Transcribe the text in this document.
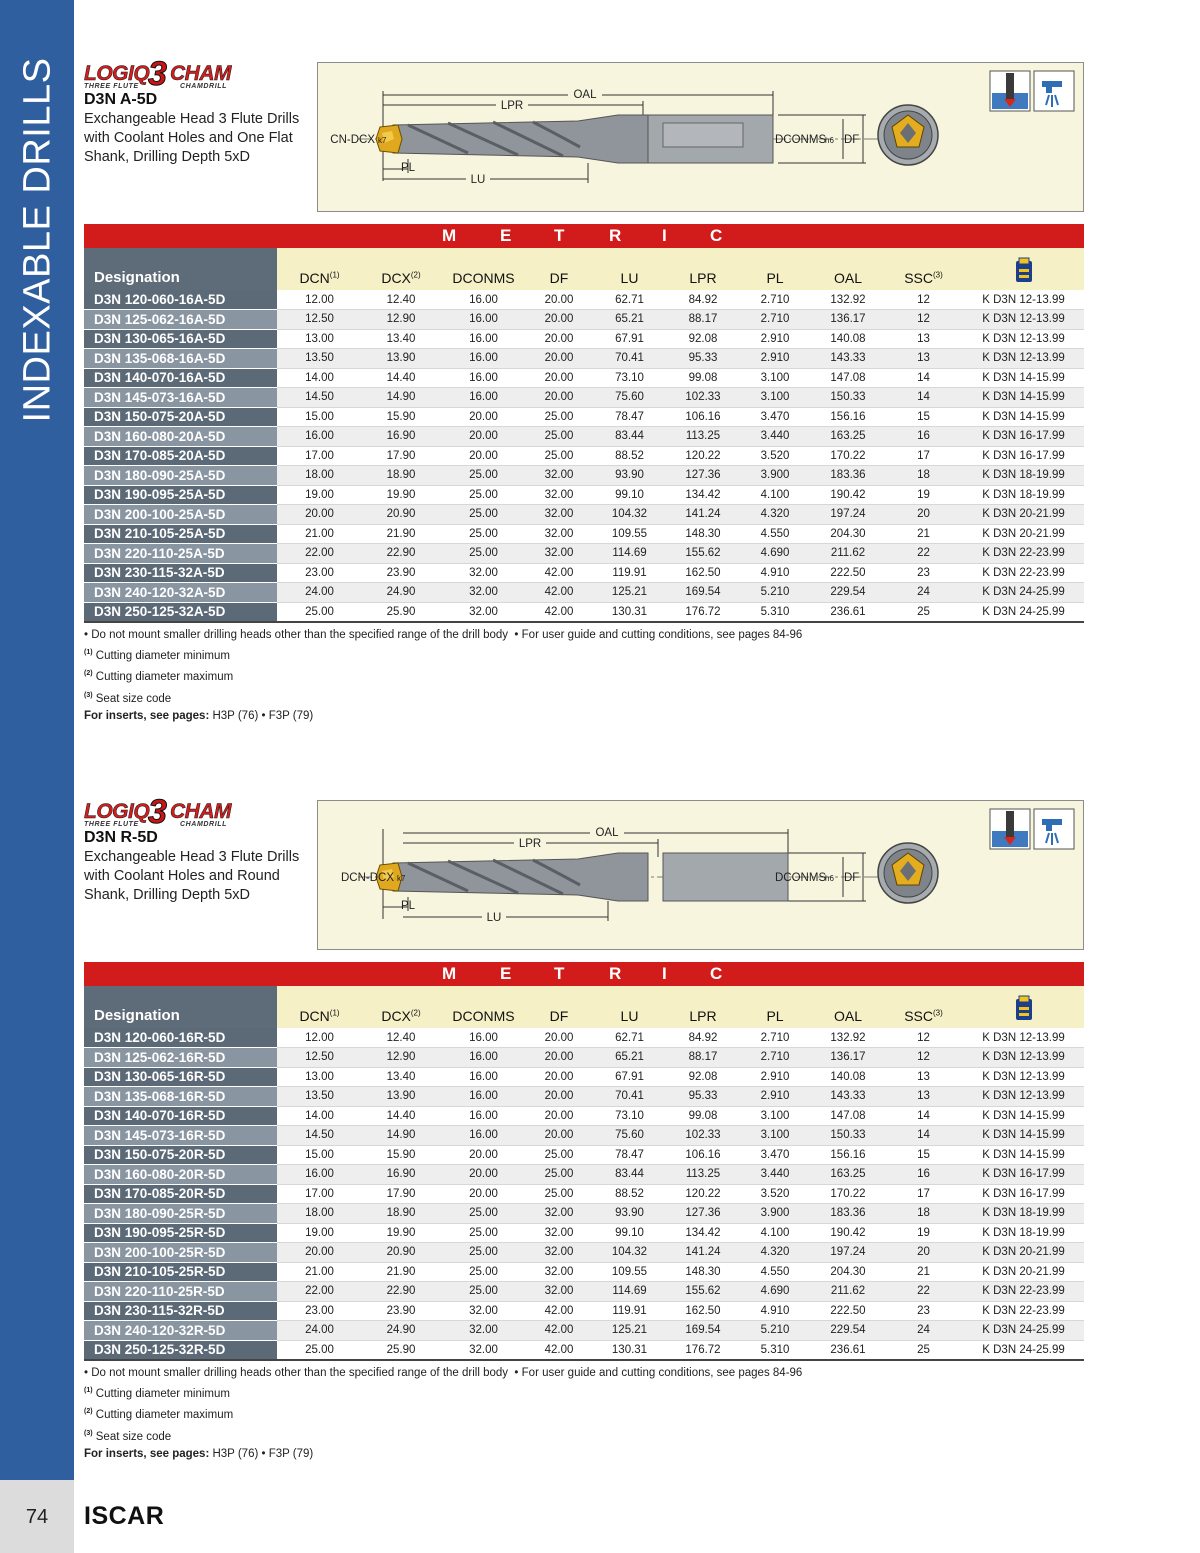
INDEXABLE DRILLS
74	ISCAR
LOGIQ
3 CHAM
THREE FLUTE	CHAMDRILL
D3N A-5D
Exchangeable Head 3 Flute Drills with Coolant Holes and One Flat Shank, Drilling Depth 5xD
OAL
LPR
CN-DCX k7
PL
LU
DCONMS
h6 DF
M	E	T	R I	C
Designation	DCN$^{(1)}$	DCX$^{(2)}$	DCONMS	DF	LU	LPR	PL	OAL	SSC$^{(3)}$	
D3N 120-060-16A-5D	12.00	12.40	16.00	20.00	62.71	84.92	2.710	132.92	12	K D3N 12-13.99
D3N 125-062-16A-5D	12.50	12.90	16.00	20.00	65.21	88.17	2.710	136.17	12	K D3N 12-13.99
D3N 130-065-16A-5D	13.00	13.40	16.00	20.00	67.91	92.08	2.910	140.08	13	K D3N 12-13.99
D3N 135-068-16A-5D	13.50	13.90	16.00	20.00	70.41	95.33	2.910	143.33	13	K D3N 12-13.99
D3N 140-070-16A-5D	14.00	14.40	16.00	20.00	73.10	99.08	3.100	147.08	14	K D3N 14-15.99
D3N 145-073-16A-5D	14.50	14.90	16.00	20.00	75.60	102.33	3.100	150.33	14	K D3N 14-15.99
D3N 150-075-20A-5D	15.00	15.90	20.00	25.00	78.47	106.16	3.470	156.16	15	K D3N 14-15.99
D3N 160-080-20A-5D	16.00	16.90	20.00	25.00	83.44	113.25	3.440	163.25	16	K D3N 16-17.99
D3N 170-085-20A-5D	17.00	17.90	20.00	25.00	88.52	120.22	3.520	170.22	17	K D3N 16-17.99
D3N 180-090-25A-5D	18.00	18.90	25.00	32.00	93.90	127.36	3.900	183.36	18	K D3N 18-19.99
D3N 190-095-25A-5D	19.00	19.90	25.00	32.00	99.10	134.42	4.100	190.42	19	K D3N 18-19.99
D3N 200-100-25A-5D	20.00	20.90	25.00	32.00	104.32	141.24	4.320	197.24	20	K D3N 20-21.99
D3N 210-105-25A-5D	21.00	21.90	25.00	32.00	109.55	148.30	4.550	204.30	21	K D3N 20-21.99
D3N 220-110-25A-5D	22.00	22.90	25.00	32.00	114.69	155.62	4.690	211.62	22	K D3N 22-23.99
D3N 230-115-32A-5D	23.00	23.90	32.00	42.00	119.91	162.50	4.910	222.50	23	K D3N 22-23.99
D3N 240-120-32A-5D	24.00	24.90	32.00	42.00	125.21	169.54	5.210	229.54	24	K D3N 24-25.99
D3N 250-125-32A-5D	25.00	25.90	32.00	42.00	130.31	176.72	5.310	236.61	25	K D3N 24-25.99
• Do not mount smaller drilling heads other than the specified range of the drill body  • For user guide and cutting conditions, see pages 84-96
$^{(1)}$ Cutting diameter minimum
$^{(2)}$ Cutting diameter maximum
$^{(3)}$ Seat size code
For inserts, see pages: H3P (76) • F3P (79)
LOGIQ
3 CHAM
THREE FLUTE	CHAMDRILL
D3N R-5D
Exchangeable Head 3 Flute Drills with Coolant Holes and Round Shank, Drilling Depth 5xD
OAL
LPR
DCN-DCX k7
PL
LU
DCONMS
h6 DF
M	E	T	R I	C
Designation	DCN$^{(1)}$	DCX$^{(2)}$	DCONMS	DF	LU	LPR	PL	OAL	SSC$^{(3)}$	
D3N 120-060-16R-5D	12.00	12.40	16.00	20.00	62.71	84.92	2.710	132.92	12	K D3N 12-13.99
D3N 125-062-16R-5D	12.50	12.90	16.00	20.00	65.21	88.17	2.710	136.17	12	K D3N 12-13.99
D3N 130-065-16R-5D	13.00	13.40	16.00	20.00	67.91	92.08	2.910	140.08	13	K D3N 12-13.99
D3N 135-068-16R-5D	13.50	13.90	16.00	20.00	70.41	95.33	2.910	143.33	13	K D3N 12-13.99
D3N 140-070-16R-5D	14.00	14.40	16.00	20.00	73.10	99.08	3.100	147.08	14	K D3N 14-15.99
D3N 145-073-16R-5D	14.50	14.90	16.00	20.00	75.60	102.33	3.100	150.33	14	K D3N 14-15.99
D3N 150-075-20R-5D	15.00	15.90	20.00	25.00	78.47	106.16	3.470	156.16	15	K D3N 14-15.99
D3N 160-080-20R-5D	16.00	16.90	20.00	25.00	83.44	113.25	3.440	163.25	16	K D3N 16-17.99
D3N 170-085-20R-5D	17.00	17.90	20.00	25.00	88.52	120.22	3.520	170.22	17	K D3N 16-17.99
D3N 180-090-25R-5D	18.00	18.90	25.00	32.00	93.90	127.36	3.900	183.36	18	K D3N 18-19.99
D3N 190-095-25R-5D	19.00	19.90	25.00	32.00	99.10	134.42	4.100	190.42	19	K D3N 18-19.99
D3N 200-100-25R-5D	20.00	20.90	25.00	32.00	104.32	141.24	4.320	197.24	20	K D3N 20-21.99
D3N 210-105-25R-5D	21.00	21.90	25.00	32.00	109.55	148.30	4.550	204.30	21	K D3N 20-21.99
D3N 220-110-25R-5D	22.00	22.90	25.00	32.00	114.69	155.62	4.690	211.62	22	K D3N 22-23.99
D3N 230-115-32R-5D	23.00	23.90	32.00	42.00	119.91	162.50	4.910	222.50	23	K D3N 22-23.99
D3N 240-120-32R-5D	24.00	24.90	32.00	42.00	125.21	169.54	5.210	229.54	24	K D3N 24-25.99
D3N 250-125-32R-5D	25.00	25.90	32.00	42.00	130.31	176.72	5.310	236.61	25	K D3N 24-25.99
• Do not mount smaller drilling heads other than the specified range of the drill body  • For user guide and cutting conditions, see pages 84-96
$^{(1)}$ Cutting diameter minimum
$^{(2)}$ Cutting diameter maximum
$^{(3)}$ Seat size code
For inserts, see pages: H3P (76) • F3P (79)
